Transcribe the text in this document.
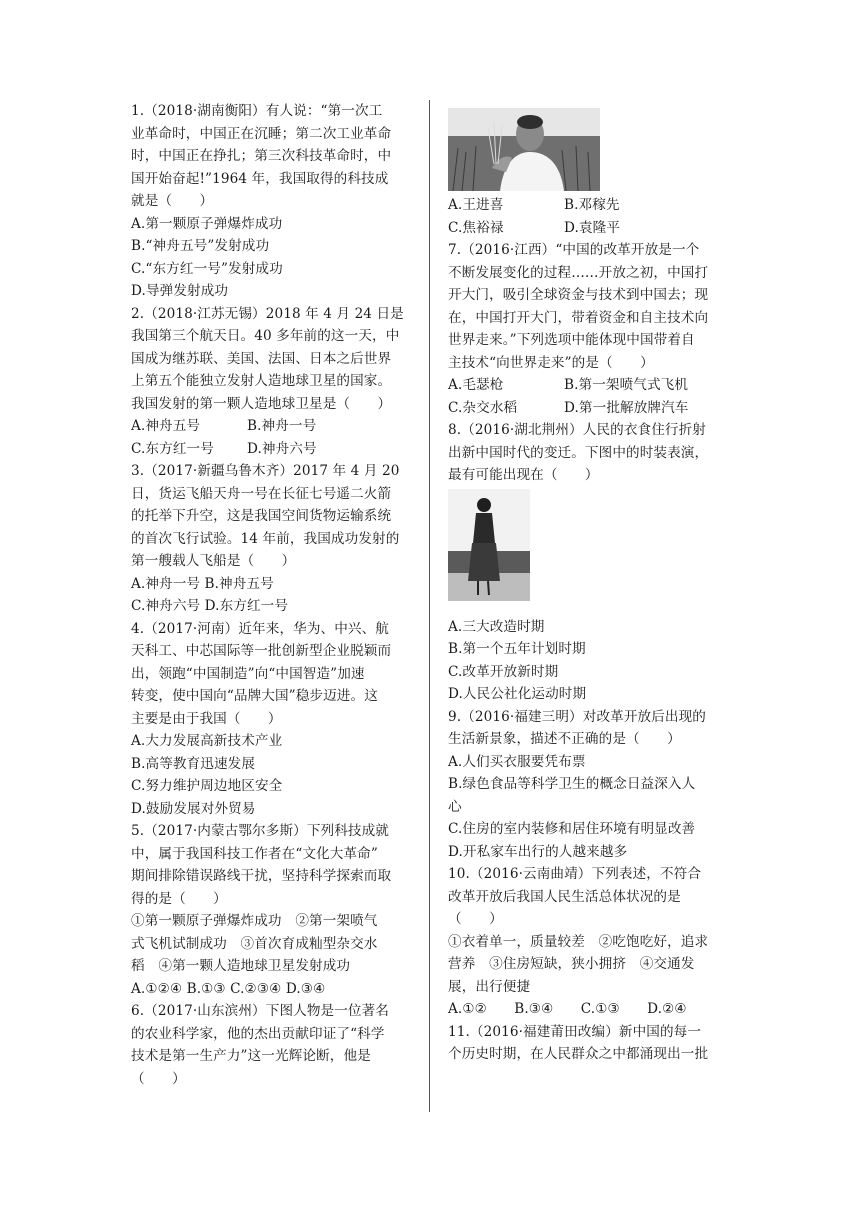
1.（2018·湖南衡阳）有人说：“第一次工
业革命时，中国正在沉睡；第二次工业革命
时，中国正在挣扎；第三次科技革命时，中
国开始奋起!”1964 年，我国取得的科技成
就是（　　）
A.第一颗原子弹爆炸成功
B.“神舟五号”发射成功
C.“东方红一号”发射成功
D.导弹发射成功
2.（2018·江苏无锡）2018 年 4 月 24 日是
我国第三个航天日。40 多年前的这一天，中
国成为继苏联、美国、法国、日本之后世界
上第五个能独立发射人造地球卫星的国家。
我国发射的第一颗人造地球卫星是（　　）
A.神舟五号	B.神舟一号
C.东方红一号	D.神舟六号
3.（2017·新疆乌鲁木齐）2017 年 4 月 20
日，货运飞船天舟一号在长征七号遥二火箭
的托举下升空，这是我国空间货物运输系统
的首次飞行试验。14 年前，我国成功发射的
第一艘载人飞船是（　　）
A.神舟一号 B.神舟五号
C.神舟六号 D.东方红一号
4.（2017·河南）近年来，华为、中兴、航
天科工、中芯国际等一批创新型企业脱颖而
出，领跑“中国制造”向“中国智造”加速
转变，使中国向“品牌大国”稳步迈进。这
主要是由于我国（　　）
A.大力发展高新技术产业
B.高等教育迅速发展
C.努力维护周边地区安全
D.鼓励发展对外贸易
5.（2017·内蒙古鄂尔多斯）下列科技成就
中，属于我国科技工作者在“文化大革命”
期间排除错误路线干扰，坚持科学探索而取
得的是（　　）
①第一颗原子弹爆炸成功　②第一架喷气
式飞机试制成功　③首次育成籼型杂交水
稻　④第一颗人造地球卫星发射成功
A.①②④ B.①③ C.②③④ D.③④
6.（2017·山东滨州）下图人物是一位著名
的农业科学家，他的杰出贡献印证了“科学
技术是第一生产力”这一光辉论断，他是
（　　）
A.王进喜	B.邓稼先
C.焦裕禄	D.袁隆平
7.（2016·江西）“中国的改革开放是一个
不断发展变化的过程……开放之初，中国打
开大门，吸引全球资金与技术到中国去；现
在，中国打开大门，带着资金和自主技术向
世界走来。”下列选项中能体现中国带着自
主技术“向世界走来”的是（　　）
A.毛瑟枪	B.第一架喷气式飞机
C.杂交水稻	D.第一批解放牌汽车
8.（2016·湖北荆州）人民的衣食住行折射
出新中国时代的变迁。下图中的时装表演，
最有可能出现在（　　）
A.三大改造时期
B.第一个五年计划时期
C.改革开放新时期
D.人民公社化运动时期
9.（2016·福建三明）对改革开放后出现的
生活新景象，描述不正确的是（　　）
A.人们买衣服要凭布票
B.绿色食品等科学卫生的概念日益深入人
心
C.住房的室内装修和居住环境有明显改善
D.开私家车出行的人越来越多
10.（2016·云南曲靖）下列表述，不符合
改革开放后我国人民生活总体状况的是
（　　）
①衣着单一，质量较差　②吃饱吃好，追求
营养　③住房短缺，狭小拥挤　④交通发
展，出行便捷
A.①②　　B.③④　　C.①③　　D.②④
11.（2016·福建莆田改编）新中国的每一
个历史时期，在人民群众之中都涌现出一批
